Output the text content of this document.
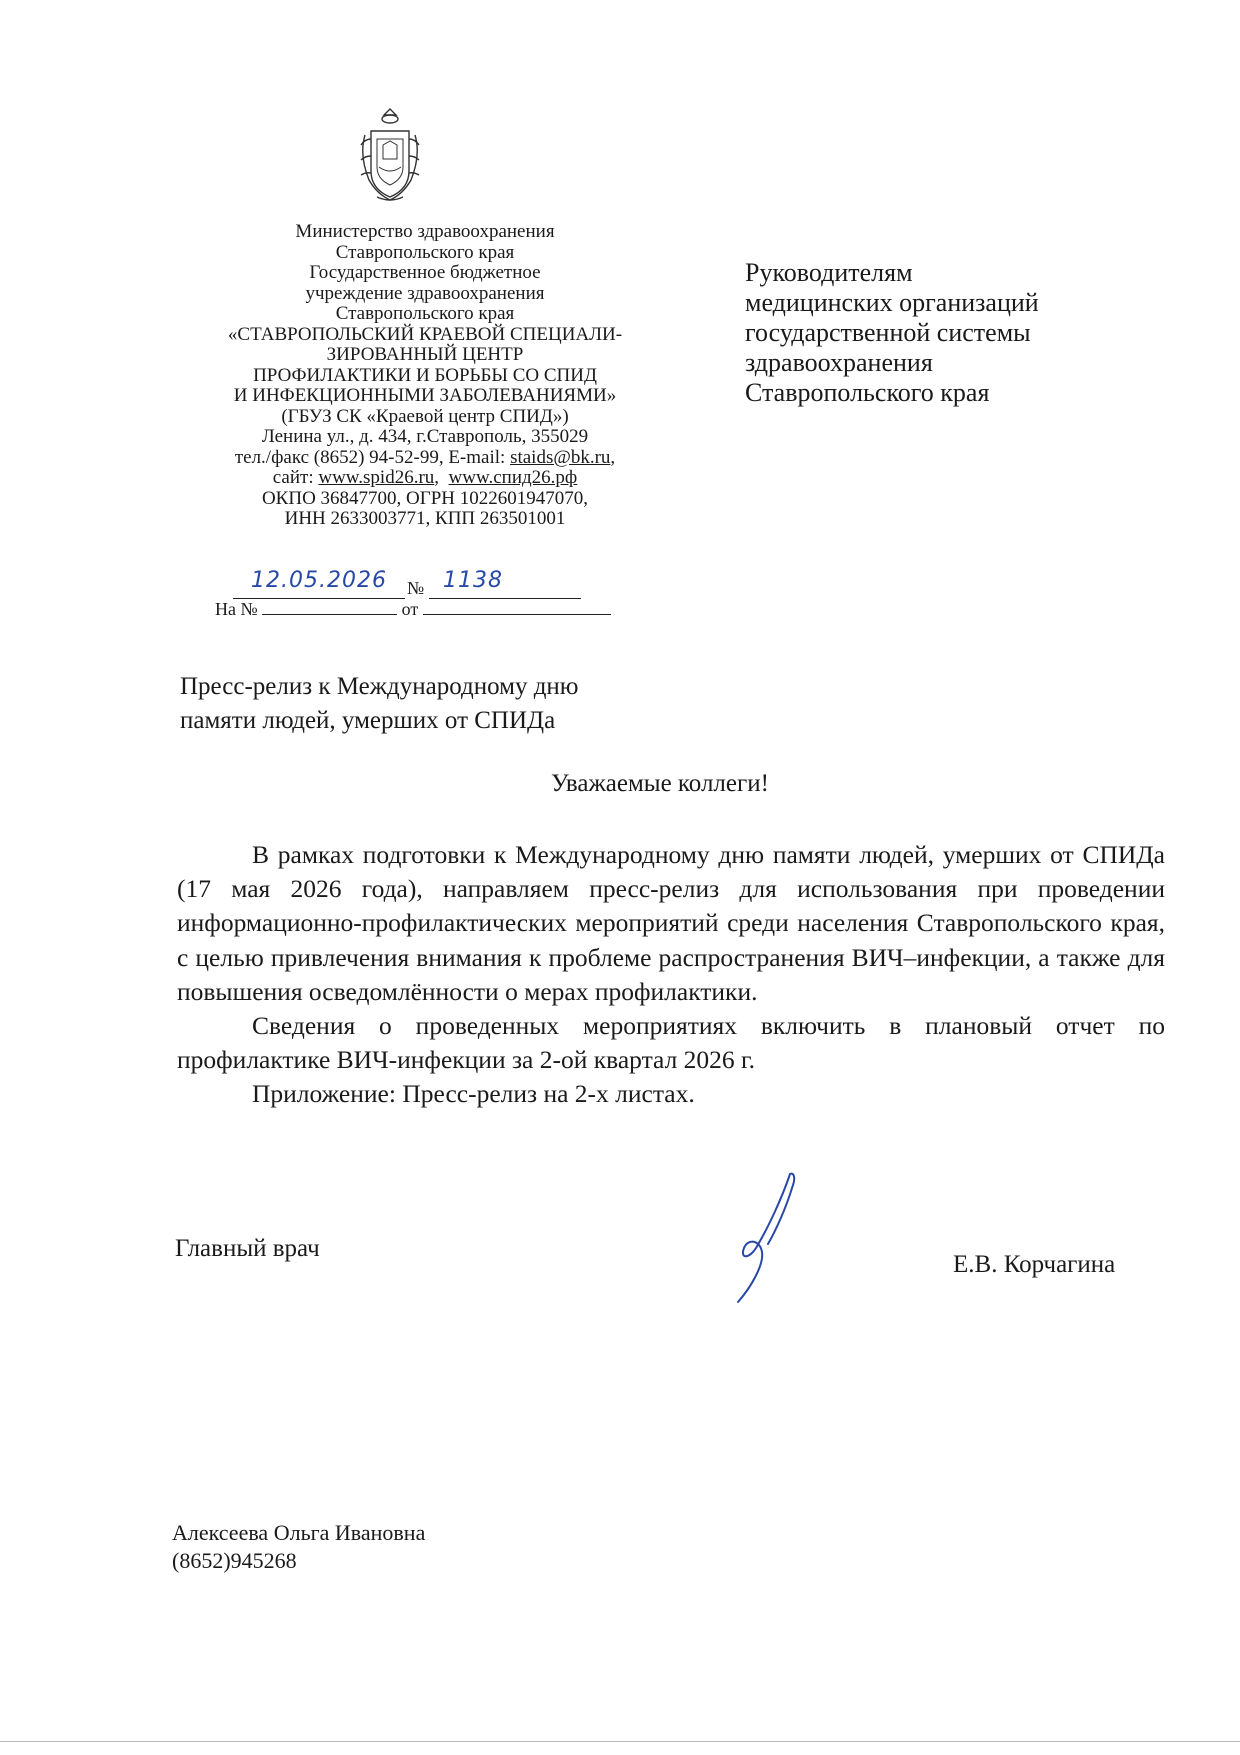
Министерство здравоохранения
Ставропольского края
Государственное бюджетное
учреждение здравоохранения
Ставропольского края
«СТАВРОПОЛЬСКИЙ КРАЕВОЙ СПЕЦИАЛИ-
ЗИРОВАННЫЙ ЦЕНТР
ПРОФИЛАКТИКИ И БОРЬБЫ СО СПИД
И ИНФЕКЦИОННЫМИ ЗАБОЛЕВАНИЯМИ»
(ГБУЗ СК «Краевой центр СПИД»)
Ленина ул., д. 434, г.Ставрополь, 355029
тел./факс (8652) 94-52-99, E-mail: staids@bk.ru,
сайт: www.spid26.ru,  www.спид26.рф
ОКПО 36847700, ОГРН 1022601947070,
ИНН 2633003771, КПП 263501001
12.05.2026 № 1138
На №	от
Руководителям
медицинских организаций
государственной системы
здравоохранения
Ставропольского края
Пресс-релиз к Международному дню
памяти людей, умерших от СПИДа
Уважаемые коллеги!

В рамках подготовки к Международному дню памяти людей, умерших от СПИДа (17 мая 2026 года), направляем пресс-релиз для использования при проведении информационно-профилактических мероприятий среди населения Ставропольского края, с целью привлечения внимания к проблеме распространения ВИЧ–инфекции, а также для повышения осведомлённости о мерах профилактики.

Сведения о проведенных мероприятиях включить в плановый отчет по профилактике ВИЧ-инфекции за 2-ой квартал 2026 г.

Приложение: Пресс-релиз на 2-х листах.

Главный врач
Е.В. Корчагина
Алексеева Ольга Ивановна
(8652)945268
